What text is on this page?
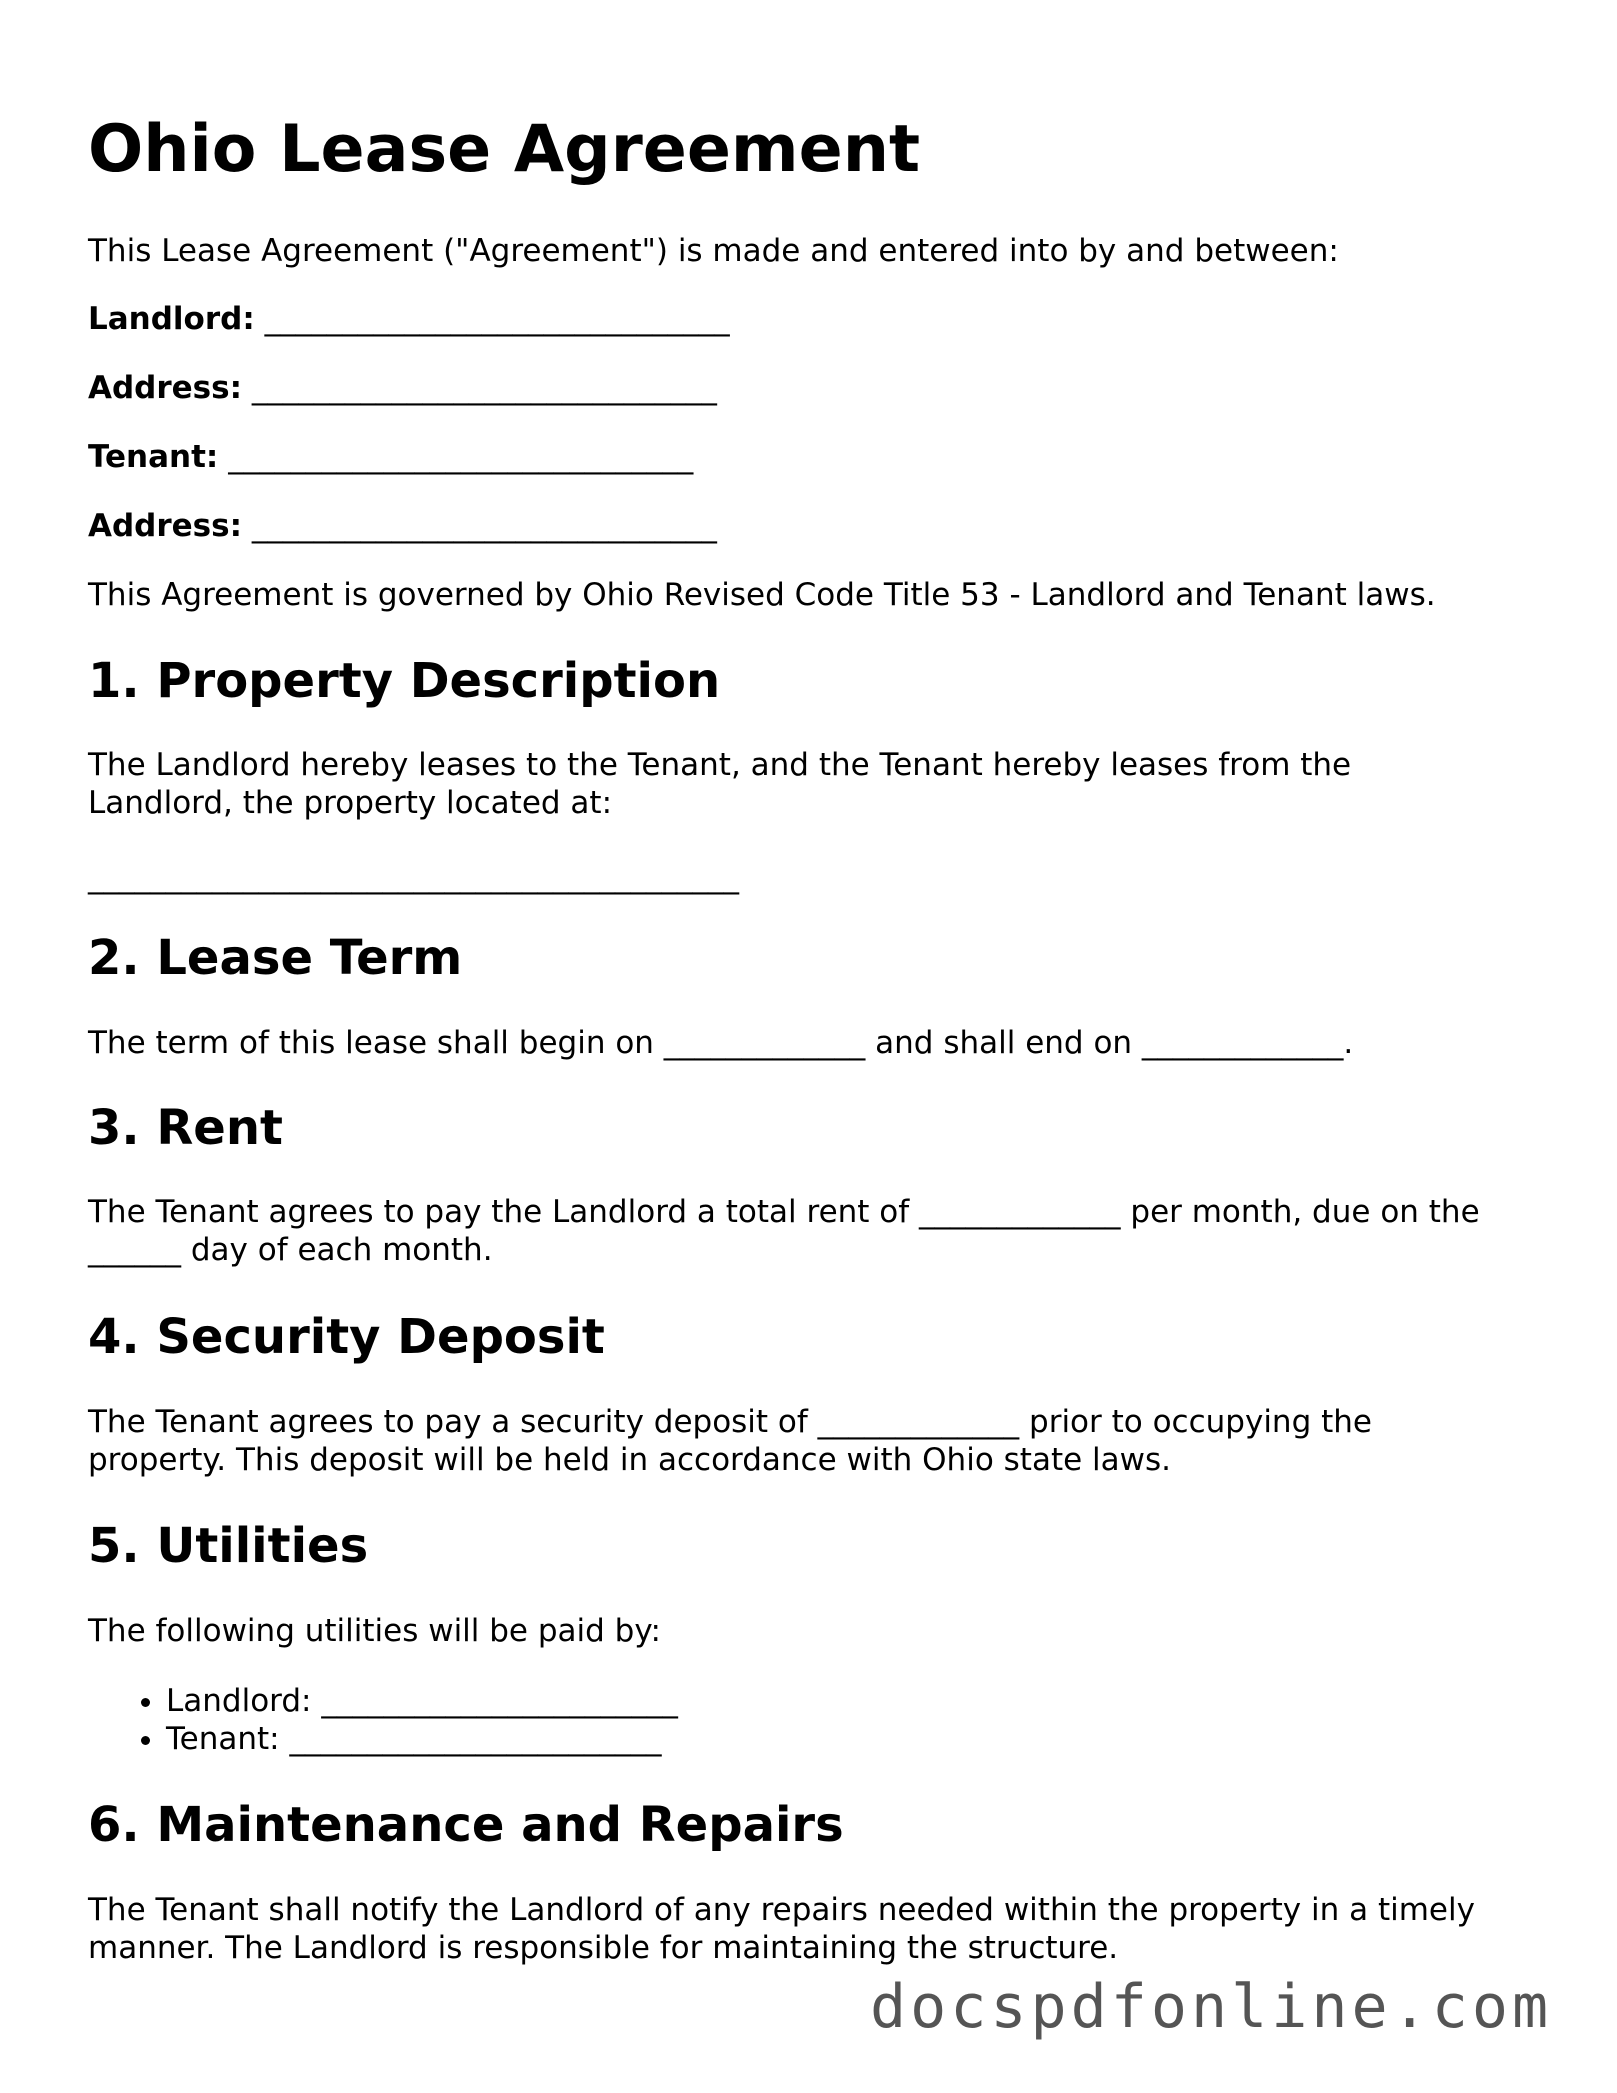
Ohio Lease Agreement

This Lease Agreement ("Agreement") is made and entered into by and between:

Landlord: ______________________________

Address: ______________________________

Tenant: ______________________________

Address: ______________________________

This Agreement is governed by Ohio Revised Code Title 53 - Landlord and Tenant laws.

1. Property Description

The Landlord hereby leases to the Tenant, and the Tenant hereby leases from the
Landlord, the property located at:

__________________________________________

2. Lease Term

The term of this lease shall begin on _____________ and shall end on _____________.

3. Rent

The Tenant agrees to pay the Landlord a total rent of _____________ per month, due on the
______ day of each month.

4. Security Deposit

The Tenant agrees to pay a security deposit of _____________ prior to occupying the
property. This deposit will be held in accordance with Ohio state laws.

5. Utilities

The following utilities will be paid by:

• Landlord: _______________________
• Tenant: ________________________
6. Maintenance and Repairs

The Tenant shall notify the Landlord of any repairs needed within the property in a timely
manner. The Landlord is responsible for maintaining the structure.

docspdfonline.com
